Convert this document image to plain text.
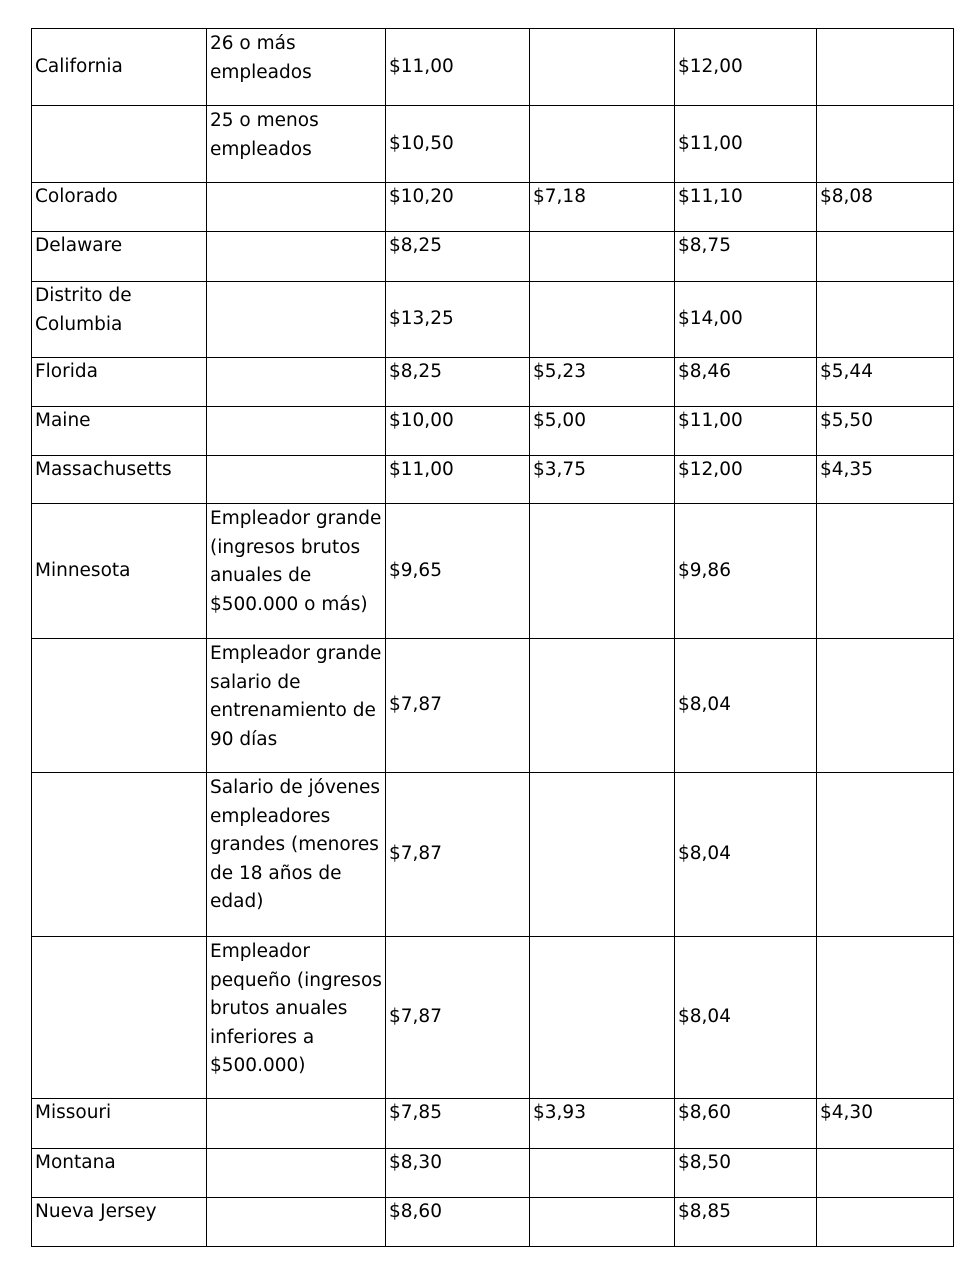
California	26 o más empleados	$11,00		$12,00	
	25 o menos empleados	$10,50		$11,00	
Colorado		$10,20	$7,18	$11,10	$8,08
Delaware		$8,25		$8,75	
Distrito de Columbia		$13,25		$14,00	
Florida		$8,25	$5,23	$8,46	$5,44
Maine		$10,00	$5,00	$11,00	$5,50
Massachusetts		$11,00	$3,75	$12,00	$4,35
Minnesota	Empleador grande (ingresos brutos anuales de $500.000 o más)	$9,65		$9,86	
	Empleador grande salario de entrenamiento de 90 días	$7,87		$8,04	
	Salario de jóvenes empleadores grandes (menores de 18 años de edad)	$7,87		$8,04	
	Empleador pequeño (ingresos brutos anuales inferiores a $500.000)	$7,87		$8,04	
Missouri		$7,85	$3,93	$8,60	$4,30
Montana		$8,30		$8,50	
Nueva Jersey		$8,60		$8,85	
